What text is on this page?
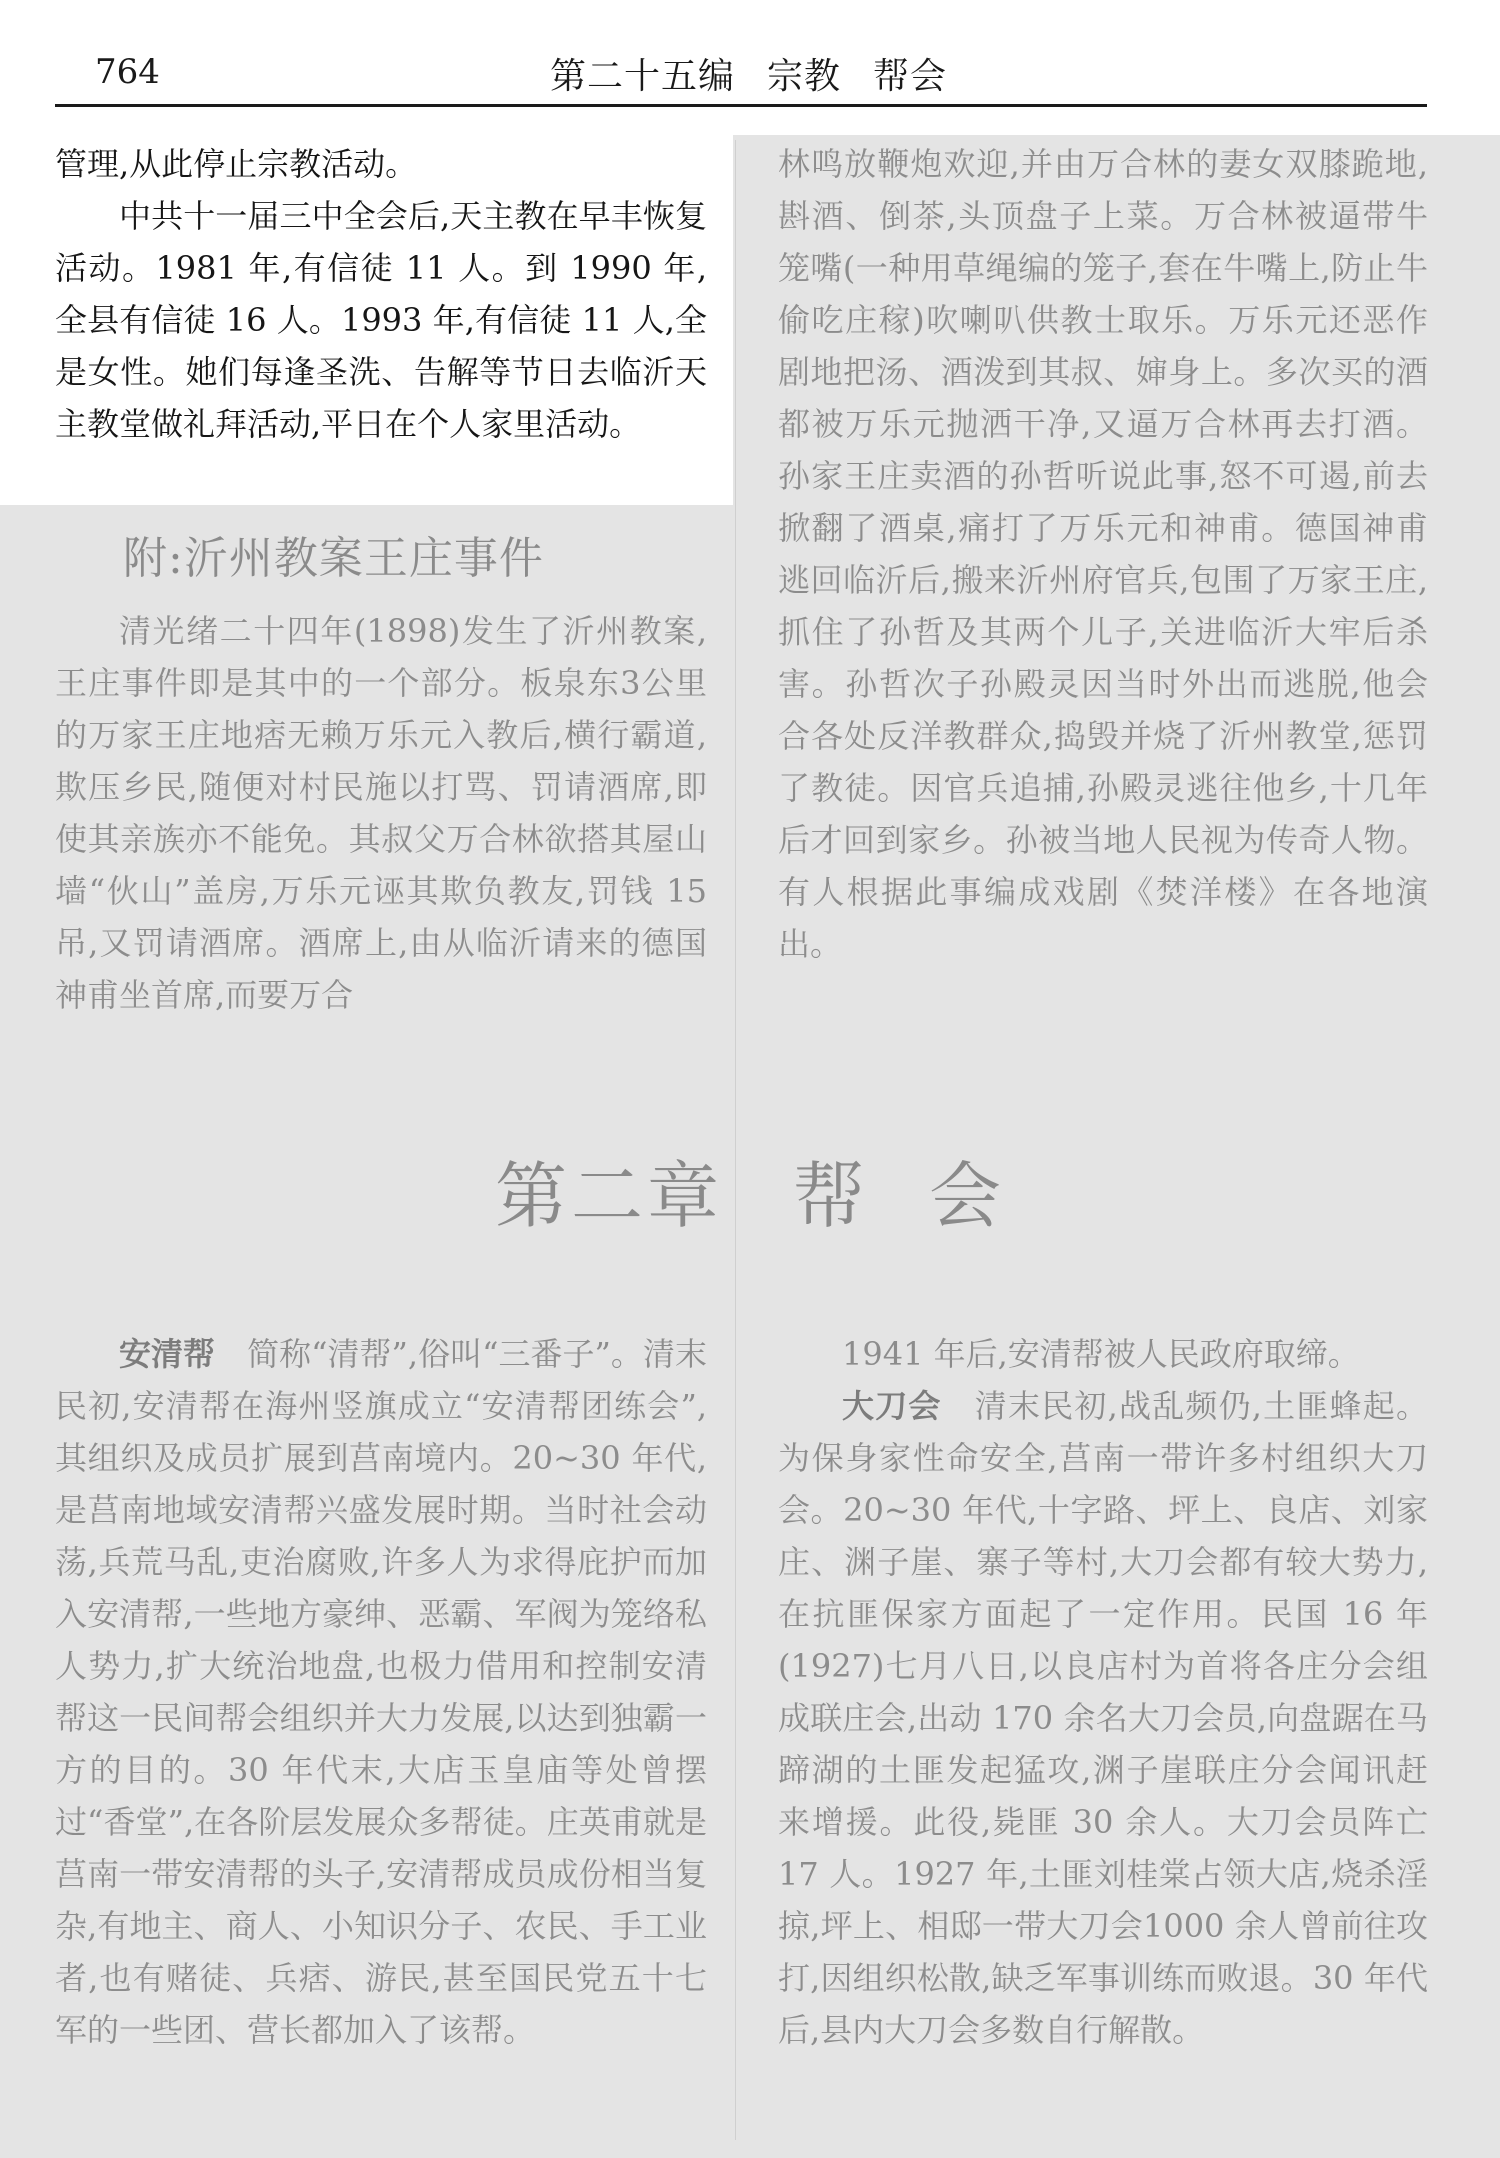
764	第二十五编 宗教 帮会

管理,从此停止宗教活动。

中共十一届三中全会后,天主教在早丰恢复活动。1981 年,有信徒 11 人。到 1990 年,全县有信徒 16 人。1993 年,有信徒 11 人,全是女性。她们每逢圣洗、告解等节日去临沂天主教堂做礼拜活动,平日在个人家里活动。

附:沂州教案王庄事件

清光绪二十四年(1898)发生了沂州教案,王庄事件即是其中的一个部分。板泉东3公里的万家王庄地痞无赖万乐元入教后,横行霸道,欺压乡民,随便对村民施以打骂、罚请酒席,即使其亲族亦不能免。其叔父万合林欲搭其屋山墙“伙山”盖房,万乐元诬其欺负教友,罚钱 15 吊,又罚请酒席。酒席上,由从临沂请来的德国神甫坐首席,而要万合

林鸣放鞭炮欢迎,并由万合林的妻女双膝跪地,斟酒、倒茶,头顶盘子上菜。万合林被逼带牛笼嘴(一种用草绳编的笼子,套在牛嘴上,防止牛偷吃庄稼)吹喇叭供教士取乐。万乐元还恶作剧地把汤、酒泼到其叔、婶身上。多次买的酒都被万乐元抛洒干净,又逼万合林再去打酒。孙家王庄卖酒的孙哲听说此事,怒不可遏,前去掀翻了酒桌,痛打了万乐元和神甫。德国神甫逃回临沂后,搬来沂州府官兵,包围了万家王庄,抓住了孙哲及其两个儿子,关进临沂大牢后杀害。孙哲次子孙殿灵因当时外出而逃脱,他会合各处反洋教群众,捣毁并烧了沂州教堂,惩罚了教徒。因官兵追捕,孙殿灵逃往他乡,十几年后才回到家乡。孙被当地人民视为传奇人物。有人根据此事编成戏剧《焚洋楼》在各地演出。

第二章 帮 会

安清帮 简称“清帮”,俗叫“三番子”。清末民初,安清帮在海州竖旗成立“安清帮团练会”,其组织及成员扩展到莒南境内。20~30 年代,是莒南地域安清帮兴盛发展时期。当时社会动荡,兵荒马乱,吏治腐败,许多人为求得庇护而加入安清帮,一些地方豪绅、恶霸、军阀为笼络私人势力,扩大统治地盘,也极力借用和控制安清帮这一民间帮会组织并大力发展,以达到独霸一方的目的。30 年代末,大店玉皇庙等处曾摆过“香堂”,在各阶层发展众多帮徒。庄英甫就是莒南一带安清帮的头子,安清帮成员成份相当复杂,有地主、商人、小知识分子、农民、手工业者,也有赌徒、兵痞、游民,甚至国民党五十七军的一些团、营长都加入了该帮。

1941 年后,安清帮被人民政府取缔。

大刀会 清末民初,战乱频仍,土匪蜂起。为保身家性命安全,莒南一带许多村组织大刀会。20~30 年代,十字路、坪上、良店、刘家庄、渊子崖、寨子等村,大刀会都有较大势力,在抗匪保家方面起了一定作用。民国 16 年(1927)七月八日,以良店村为首将各庄分会组成联庄会,出动 170 余名大刀会员,向盘踞在马蹄湖的土匪发起猛攻,渊子崖联庄分会闻讯赶来增援。此役,毙匪 30 余人。大刀会员阵亡 17 人。1927 年,土匪刘桂棠占领大店,烧杀淫掠,坪上、相邸一带大刀会1000 余人曾前往攻打,因组织松散,缺乏军事训练而败退。30 年代后,县内大刀会多数自行解散。
